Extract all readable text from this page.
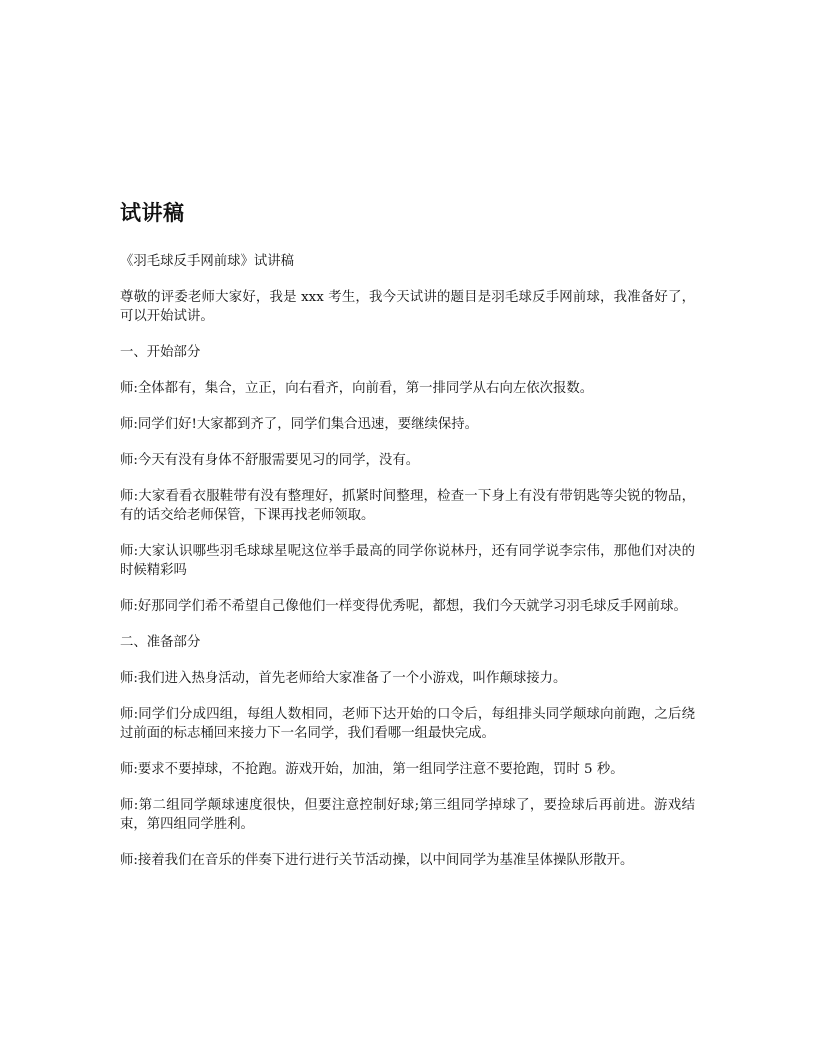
试讲稿

《羽毛球反手网前球》试讲稿

尊敬的评委老师大家好，我是 xxx 考生，我今天试讲的题目是羽毛球反手网前球，我准备好了，可以开始试讲。

一、开始部分

师:全体都有，集合，立正，向右看齐，向前看，第一排同学从右向左依次报数。

师:同学们好!大家都到齐了，同学们集合迅速，要继续保持。

师:今天有没有身体不舒服需要见习的同学，没有。

师:大家看看衣服鞋带有没有整理好，抓紧时间整理，检查一下身上有没有带钥匙等尖锐的物品，有的话交给老师保管，下课再找老师领取。

师:大家认识哪些羽毛球球星呢这位举手最高的同学你说林丹，还有同学说李宗伟，那他们对决的时候精彩吗

师:好那同学们希不希望自己像他们一样变得优秀呢，都想，我们今天就学习羽毛球反手网前球。

二、准备部分

师:我们进入热身活动，首先老师给大家准备了一个小游戏，叫作颠球接力。

师:同学们分成四组，每组人数相同，老师下达开始的口令后，每组排头同学颠球向前跑，之后绕过前面的标志桶回来接力下一名同学，我们看哪一组最快完成。

师:要求不要掉球，不抢跑。游戏开始，加油，第一组同学注意不要抢跑，罚时 5 秒。

师:第二组同学颠球速度很快，但要注意控制好球;第三组同学掉球了，要捡球后再前进。游戏结束，第四组同学胜利。

师:接着我们在音乐的伴奏下进行进行关节活动操，以中间同学为基准呈体操队形散开。
